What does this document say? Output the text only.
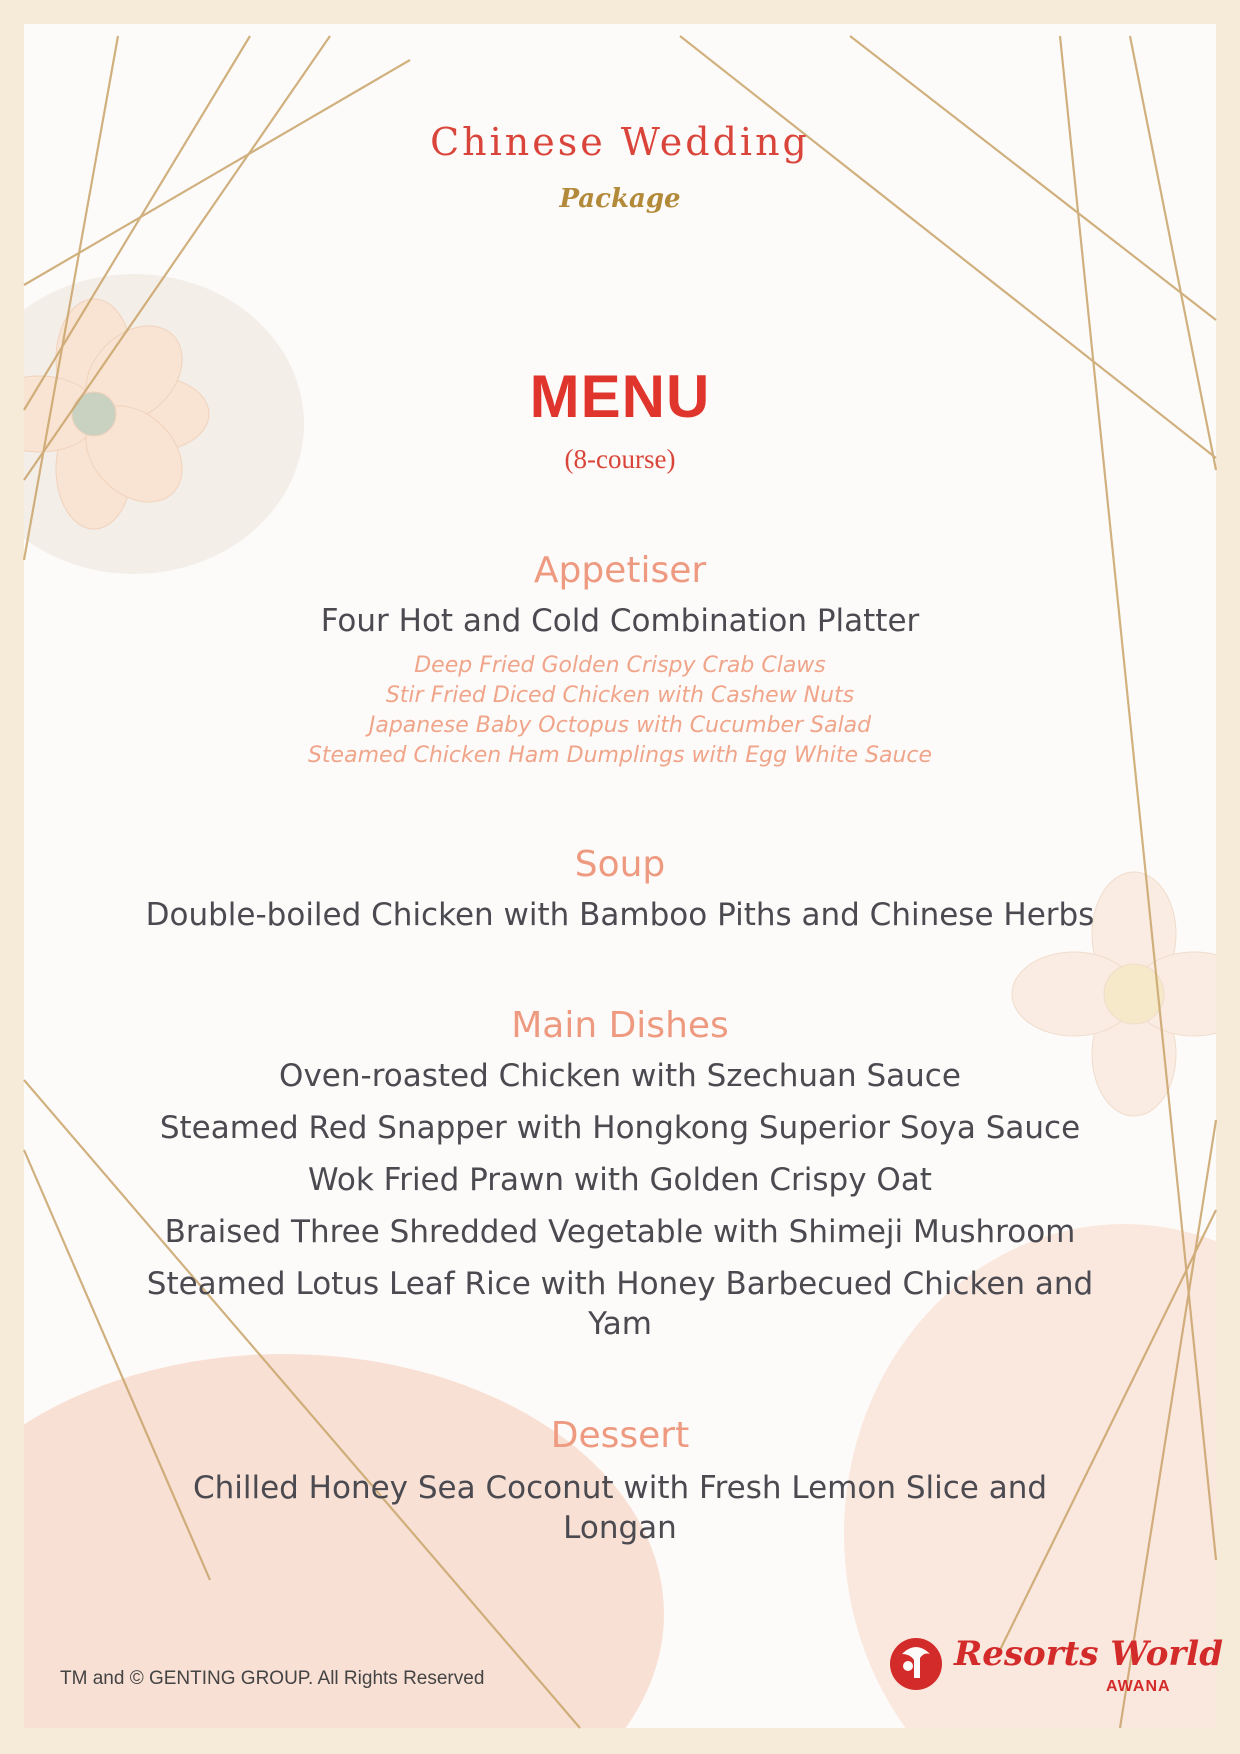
Chinese Wedding
Package
MENU
(8-course)
Appetiser

Four Hot and Cold Combination Platter

Deep Fried Golden Crispy Crab Claws
Stir Fried Diced Chicken with Cashew Nuts
Japanese Baby Octopus with Cucumber Salad
Steamed Chicken Ham Dumplings with Egg White Sauce
Soup

Double-boiled Chicken with Bamboo Piths and Chinese Herbs

Main Dishes

Oven-roasted Chicken with Szechuan Sauce

Steamed Red Snapper with Hongkong Superior Soya Sauce

Wok Fried Prawn with Golden Crispy Oat

Braised Three Shredded Vegetable with Shimeji Mushroom

Steamed Lotus Leaf Rice with Honey Barbecued Chicken and Yam

Dessert

Chilled Honey Sea Coconut with Fresh Lemon Slice and Longan

TM and © GENTING GROUP. All Rights Reserved
Resorts World
AWANA
